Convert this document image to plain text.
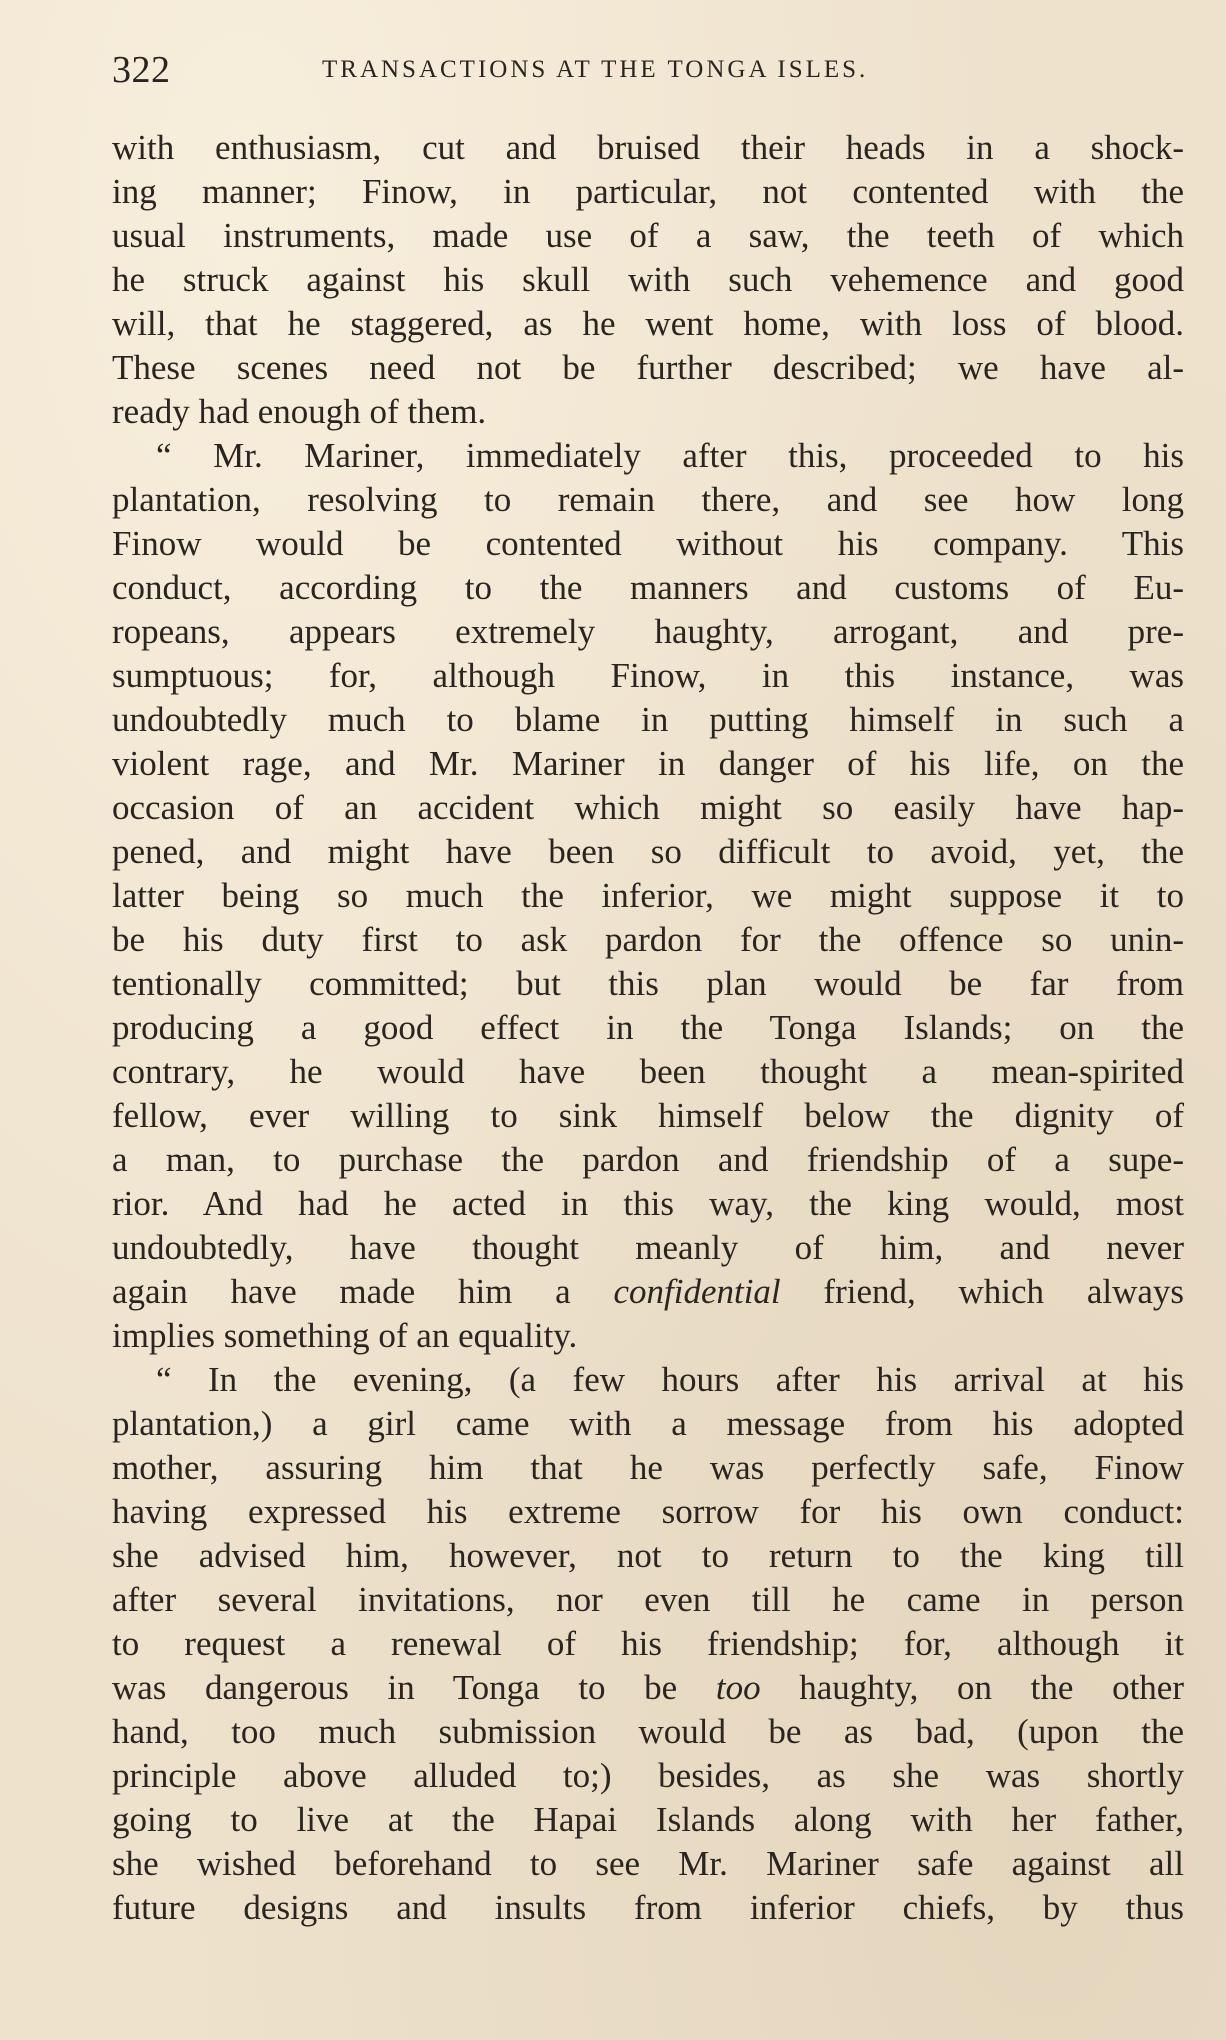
322	TRANSACTIONS AT THE TONGA ISLES.
with enthusiasm, cut and bruised their heads in a shock-
ing manner; Finow, in particular, not contented with the
usual instruments, made use of a saw, the teeth of which
he struck against his skull with such vehemence and good
will, that he staggered, as he went home, with loss of blood.
These scenes need not be further described; we have al-
ready had enough of them.
“ Mr. Mariner, immediately after this, proceeded to his
plantation, resolving to remain there, and see how long
Finow would be contented without his company. This
conduct, according to the manners and customs of Eu-
ropeans, appears extremely haughty, arrogant, and pre-
sumptuous; for, although Finow, in this instance, was
undoubtedly much to blame in putting himself in such a
violent rage, and Mr. Mariner in danger of his life, on the
occasion of an accident which might so easily have hap-
pened, and might have been so difficult to avoid, yet, the
latter being so much the inferior, we might suppose it to
be his duty first to ask pardon for the offence so unin-
tentionally committed; but this plan would be far from
producing a good effect in the Tonga Islands; on the
contrary, he would have been thought a mean-spirited
fellow, ever willing to sink himself below the dignity of
a man, to purchase the pardon and friendship of a supe-
rior. And had he acted in this way, the king would, most
undoubtedly, have thought meanly of him, and never
again have made him a confidential friend, which always
implies something of an equality.
“ In the evening, (a few hours after his arrival at his
plantation,) a girl came with a message from his adopted
mother, assuring him that he was perfectly safe, Finow
having expressed his extreme sorrow for his own conduct:
she advised him, however, not to return to the king till
after several invitations, nor even till he came in person
to request a renewal of his friendship; for, although it
was dangerous in Tonga to be too haughty, on the other
hand, too much submission would be as bad, (upon the
principle above alluded to;) besides, as she was shortly
going to live at the Hapai Islands along with her father,
she wished beforehand to see Mr. Mariner safe against all
future designs and insults from inferior chiefs, by thus
